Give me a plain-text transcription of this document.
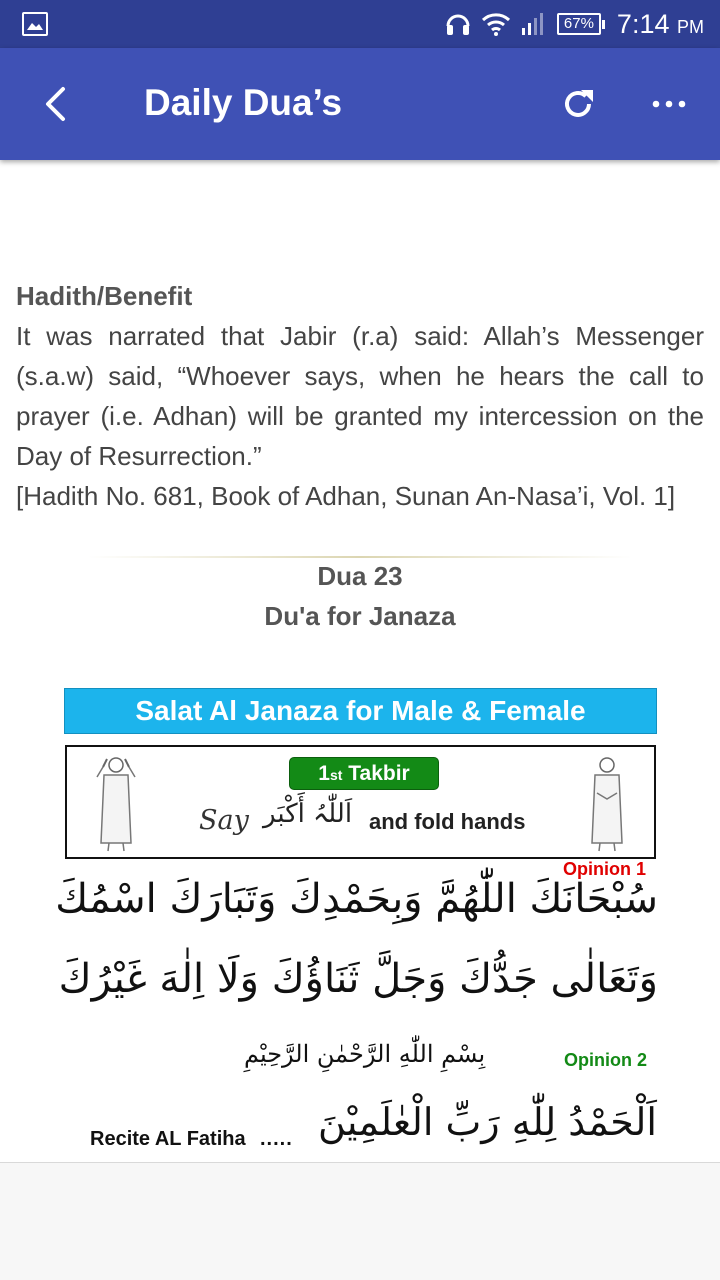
67% 7:14 PM
Daily Dua’s
Hadith/Benefit
It was narrated that Jabir (r.a) said: Allah’s Messenger (s.a.w) said, “Whoever says, when he hears the call to prayer (i.e. Adhan) will be granted my intercession on the Day of Resurrection.”
[Hadith No. 681, Book of Adhan, Sunan An-Nasa’i, Vol. 1]
Dua 23
Du'a for Janaza
Salat Al Janaza for Male & Female
1st Takbir
Say اَللّٰہُ أَکْبَر and fold hands
Opinion 1
سُبْحَانَكَ اللّٰهُمَّ وَبِحَمْدِكَ وَتَبَارَكَ اسْمُكَ
وَتَعَالٰى جَدُّكَ وَجَلَّ ثَنَاؤُكَ وَلَا اِلٰهَ غَيْرُكَ
بِسْمِ اللّٰهِ الرَّحْمٰنِ الرَّحِيْمِ	Opinion 2
Recite AL Fatiha ..... اَلْحَمْدُ لِلّٰهِ رَبِّ الْعٰلَمِيْنَ
